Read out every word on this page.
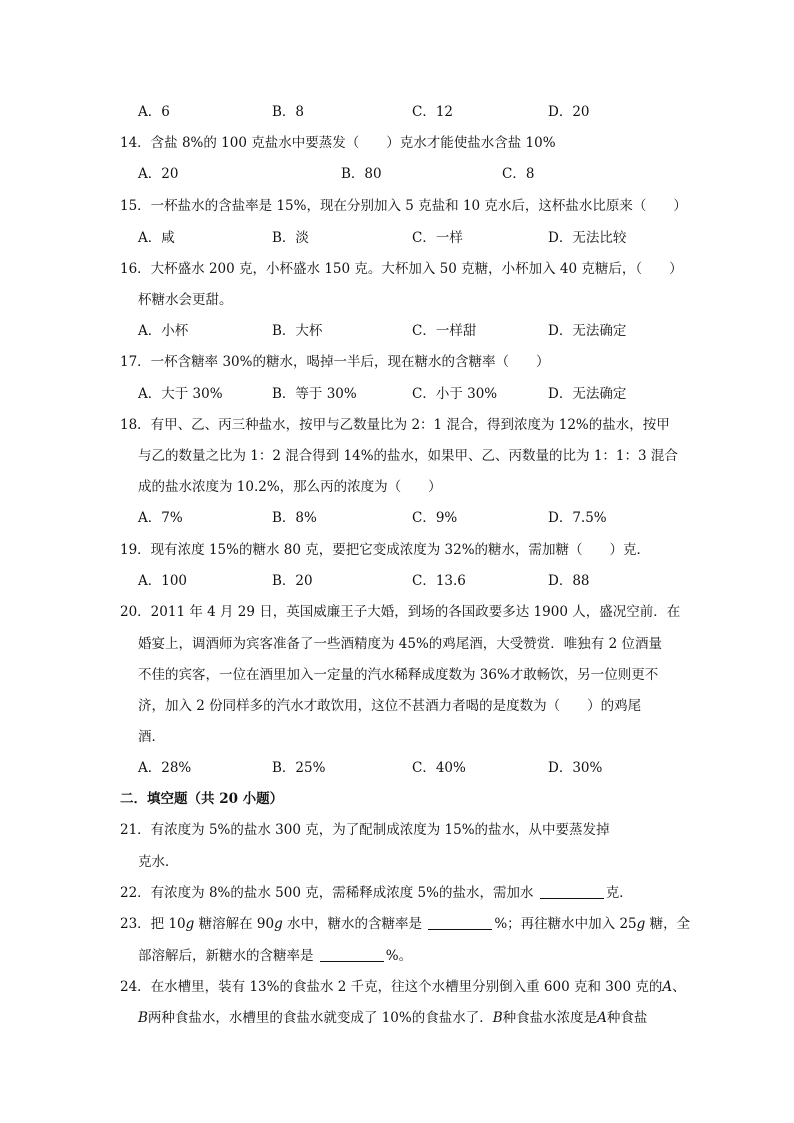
A．6	B．8	C．12	D．20
14．含盐 8%的 100 克盐水中要蒸发（　　）克水才能使盐水含盐 10%
A．20	B．80	C．8
15．一杯盐水的含盐率是 15%，现在分别加入 5 克盐和 10 克水后，这杯盐水比原来（　　）
A．咸	B．淡	C．一样	D．无法比较
16．大杯盛水 200 克，小杯盛水 150 克。大杯加入 50 克糖，小杯加入 40 克糖后，（　　）
杯糖水会更甜。
A．小杯	B．大杯	C．一样甜	D．无法确定
17．一杯含糖率 30%的糖水，喝掉一半后，现在糖水的含糖率（　　）
A．大于 30%	B．等于 30%	C．小于 30%	D．无法确定
18．有甲、乙、丙三种盐水，按甲与乙数量比为 2：1 混合，得到浓度为 12%的盐水，按甲
与乙的数量之比为 1：2 混合得到 14%的盐水，如果甲、乙、丙数量的比为 1：1：3 混合
成的盐水浓度为 10.2%，那么丙的浓度为（　　）
A．7%	B．8%	C．9%	D．7.5%
19．现有浓度 15%的糖水 80 克，要把它变成浓度为 32%的糖水，需加糖（　　）克．
A．100	B．20	C．13.6	D．88
20．2011 年 4 月 29 日，英国威廉王子大婚，到场的各国政要多达 1900 人，盛况空前．在
婚宴上，调酒师为宾客准备了一些酒精度为 45%的鸡尾酒，大受赞赏．唯独有 2 位酒量
不佳的宾客，一位在酒里加入一定量的汽水稀释成度数为 36%才敢畅饮，另一位则更不
济，加入 2 份同样多的汽水才敢饮用，这位不甚酒力者喝的是度数为（　　）的鸡尾
酒．
A．28%	B．25%	C．40%	D．30%
二．填空题（共 20 小题）
21．有浓度为 5%的盐水 300 克，为了配制成浓度为 15%的盐水，从中要蒸发掉
克水．
22．有浓度为 8%的盐水 500 克，需稀释成浓度 5%的盐水，需加水	克．
23．把 10g 糖溶解在 90g 水中，糖水的含糖率是	%；再往糖水中加入 25g 糖，全
部溶解后，新糖水的含糖率是	%。
24．在水槽里，装有 13%的食盐水 2 千克，往这个水槽里分别倒入重 600 克和 300 克的A、
B两种食盐水，水槽里的食盐水就变成了 10%的食盐水了．B种食盐水浓度是A种食盐
